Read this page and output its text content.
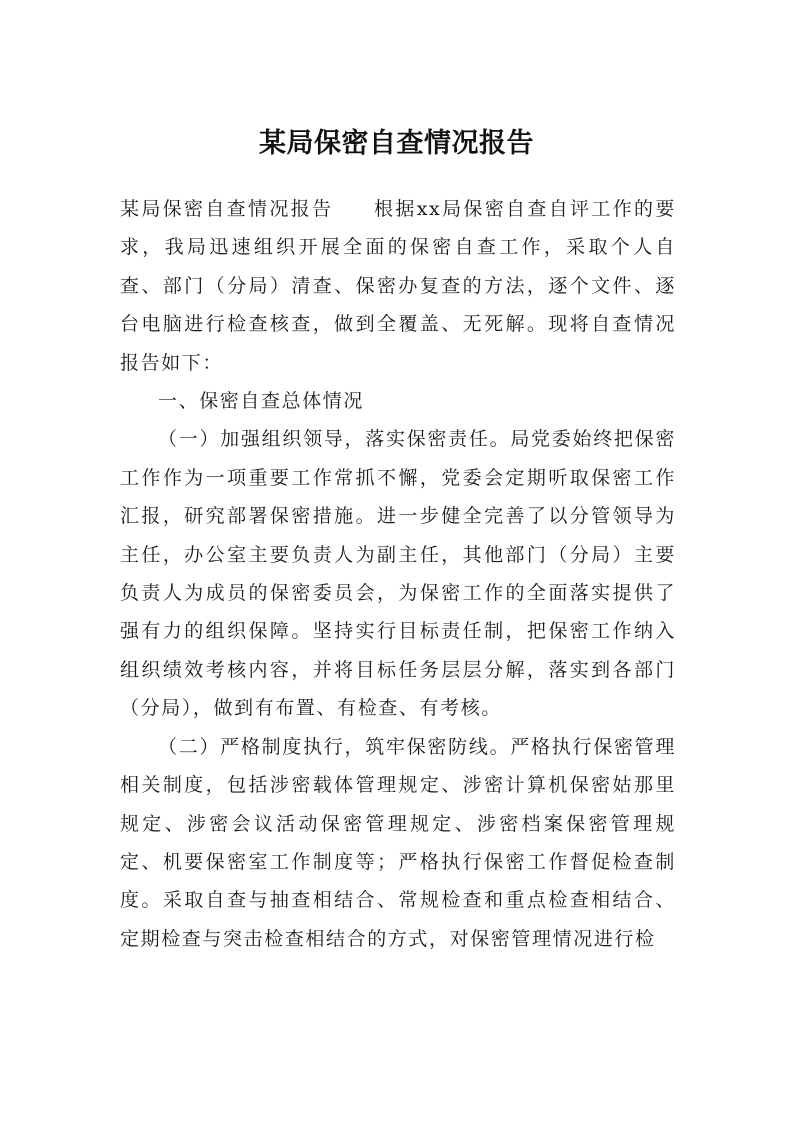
某局保密自查情况报告

某局保密自查情况报告 根据xx局保密自查自评工作的要求，我局迅速组织开展全面的保密自查工作，采取个人自查、部门（分局）清查、保密办复查的方法，逐个文件、逐台电脑进行检查核查，做到全覆盖、无死解。现将自查情况报告如下：

一、保密自查总体情况

（一）加强组织领导，落实保密责任。局党委始终把保密工作作为一项重要工作常抓不懈，党委会定期听取保密工作汇报，研究部署保密措施。进一步健全完善了以分管领导为主任，办公室主要负责人为副主任，其他部门（分局）主要负责人为成员的保密委员会，为保密工作的全面落实提供了强有力的组织保障。坚持实行目标责任制，把保密工作纳入组织绩效考核内容，并将目标任务层层分解，落实到各部门（分局），做到有布置、有检查、有考核。

（二）严格制度执行，筑牢保密防线。严格执行保密管理相关制度，包括涉密载体管理规定、涉密计算机保密姑那里规定、涉密会议活动保密管理规定、涉密档案保密管理规定、机要保密室工作制度等；严格执行保密工作督促检查制度。采取自查与抽查相结合、常规检查和重点检查相结合、定期检查与突击检查相结合的方式，对保密管理情况进行检
